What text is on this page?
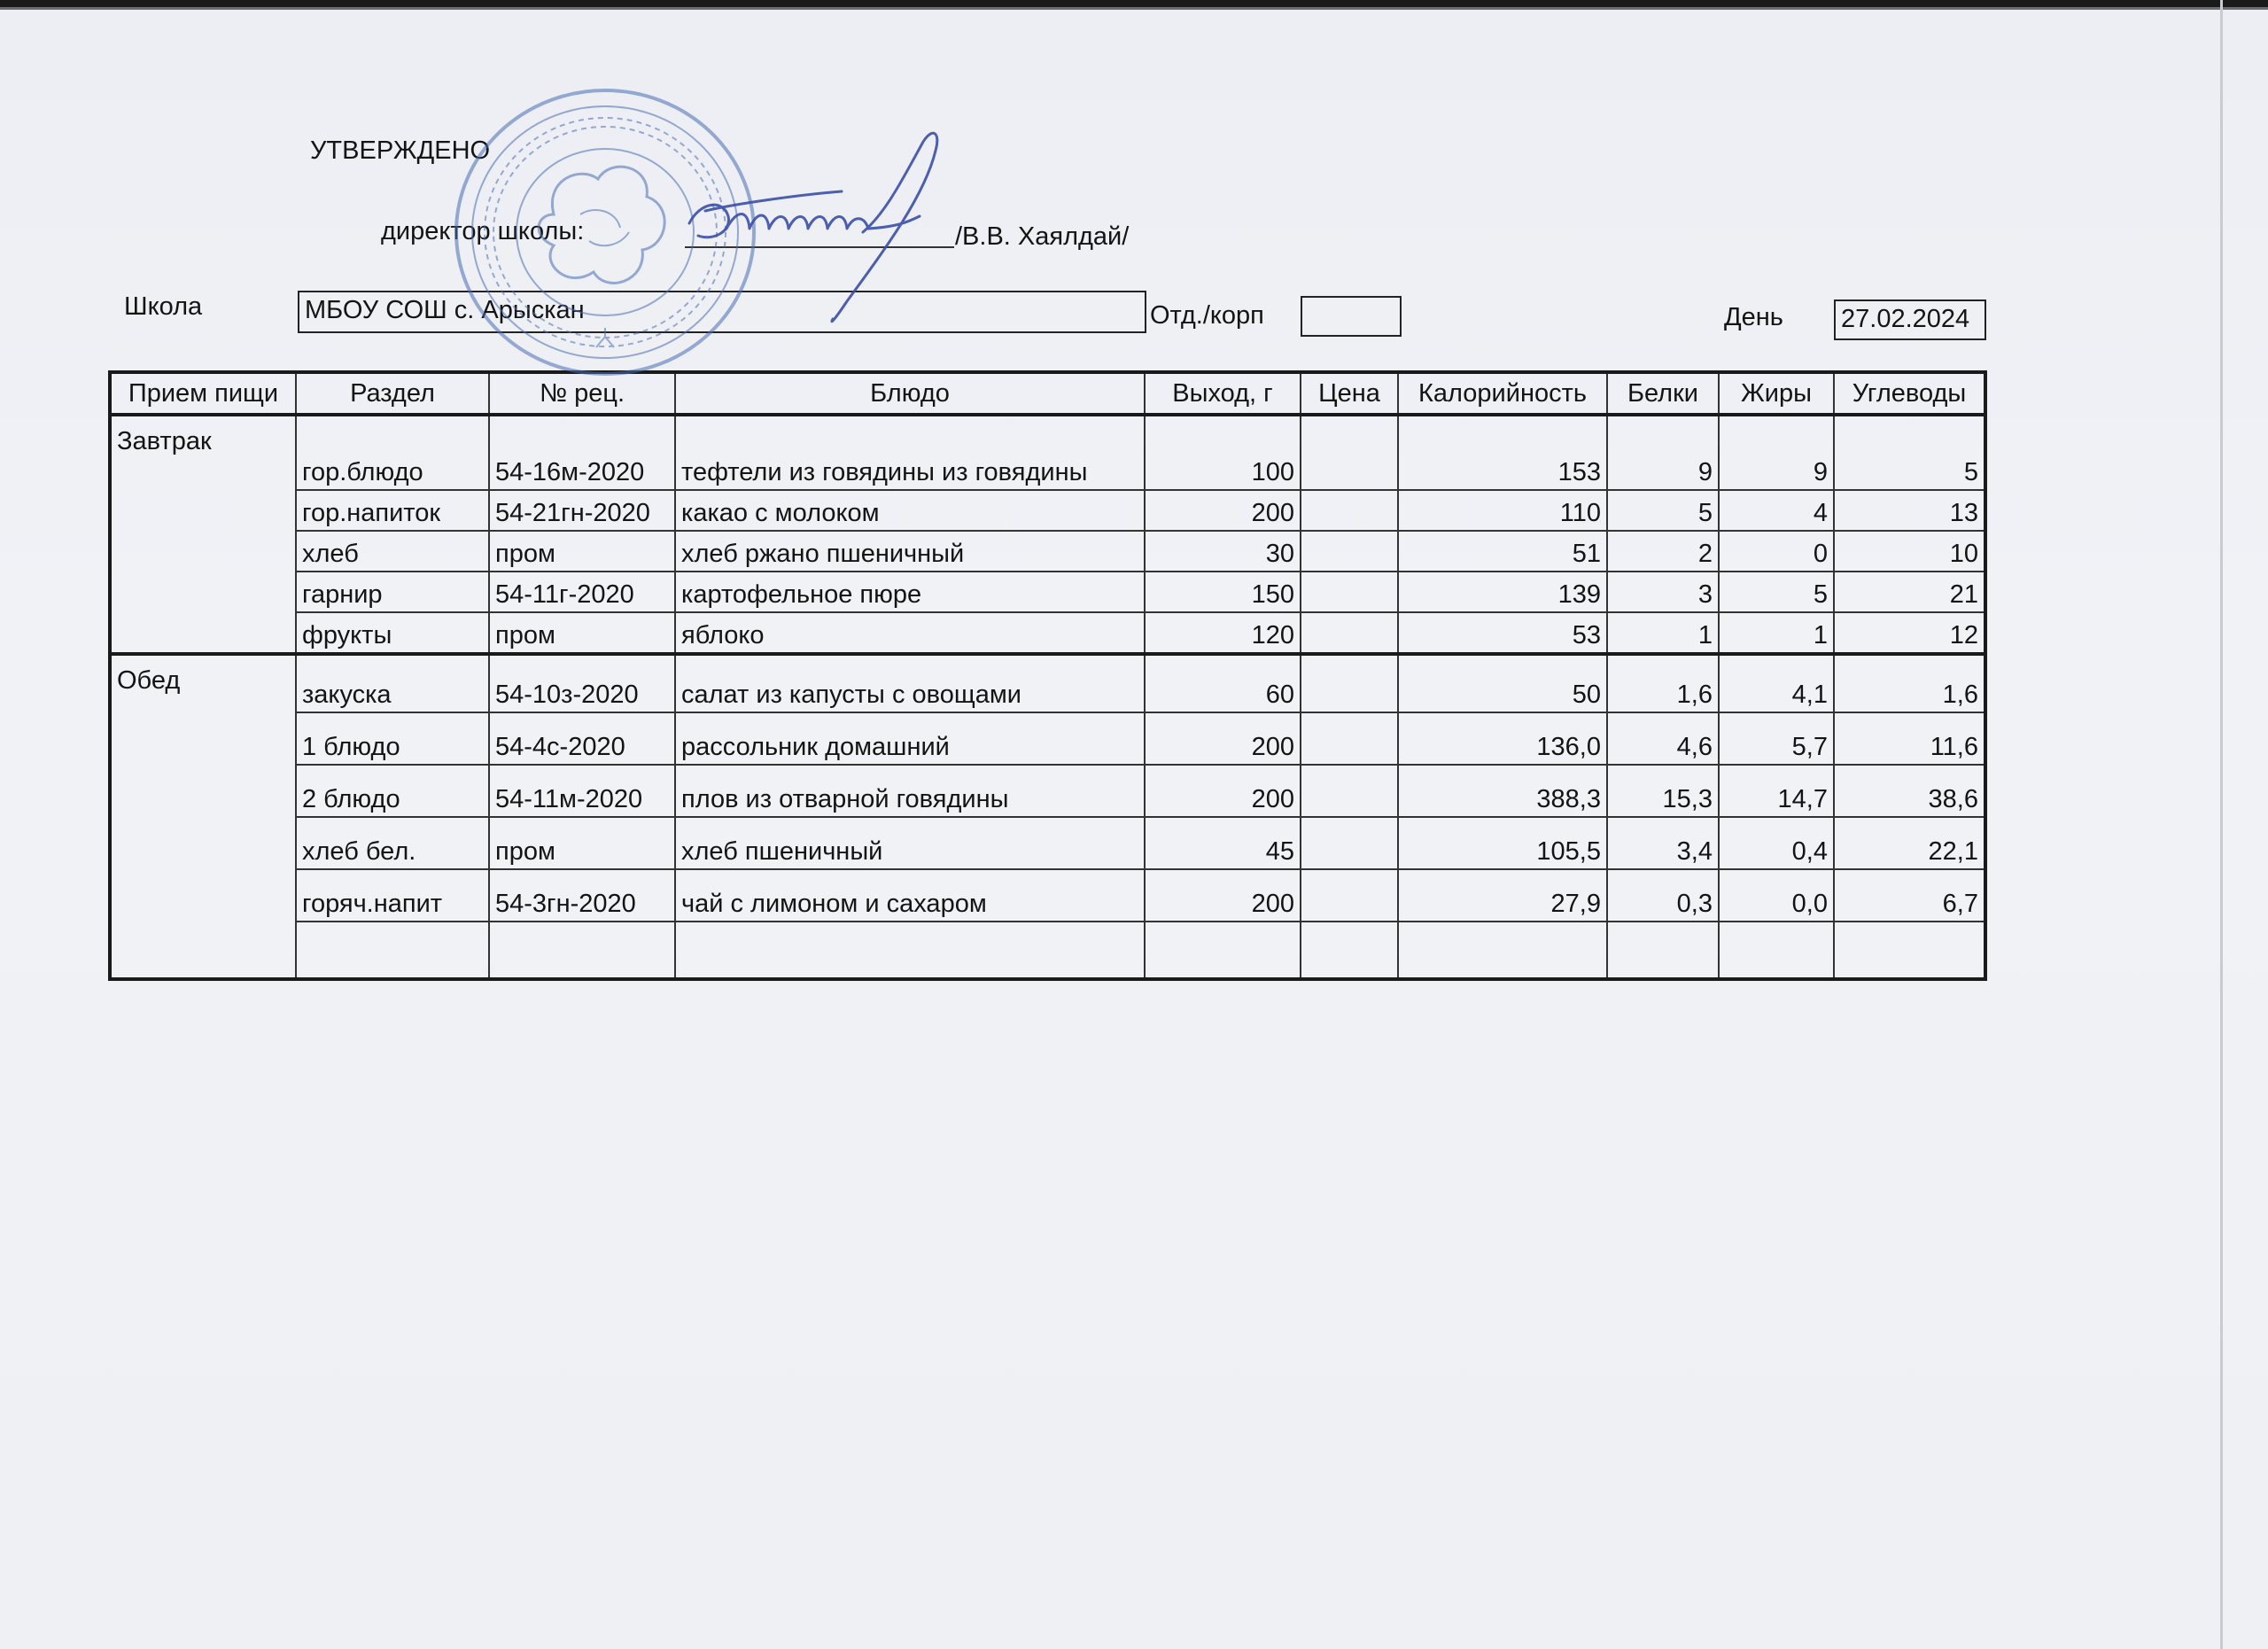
УТВЕРЖДЕНО
директор школы:	/В.В. Хаялдай/
Школа	МБОУ СОШ с. Арыскан	Отд./корп	День 27.02.2024
Прием пищи	Раздел	№ рец.	Блюдо	Выход, г	Цена	Калорийность	Белки	Жиры	Углеводы
Завтрак	гор.блюдо	54-16м-2020	тефтели из говядины из говядины	100		153	9	9	5
	гор.напиток	54-21гн-2020	какао с молоком	200		110	5	4	13
	хлеб	пром	хлеб ржано пшеничный	30		51	2	0	10
	гарнир	54-11г-2020	картофельное пюре	150		139	3	5	21
	фрукты	пром	яблоко	120		53	1	1	12
Обед	закуска	54-10з-2020	салат из капусты с овощами	60		50	1,6	4,1	1,6
	1 блюдо	54-4с-2020	рассольник домашний	200		136,0	4,6	5,7	11,6
	2 блюдо	54-11м-2020	плов из отварной говядины	200		388,3	15,3	14,7	38,6
	хлеб бел.	пром	хлеб пшеничный	45		105,5	3,4	0,4	22,1
	горяч.напит	54-3гн-2020	чай с лимоном и сахаром	200		27,9	0,3	0,0	6,7
